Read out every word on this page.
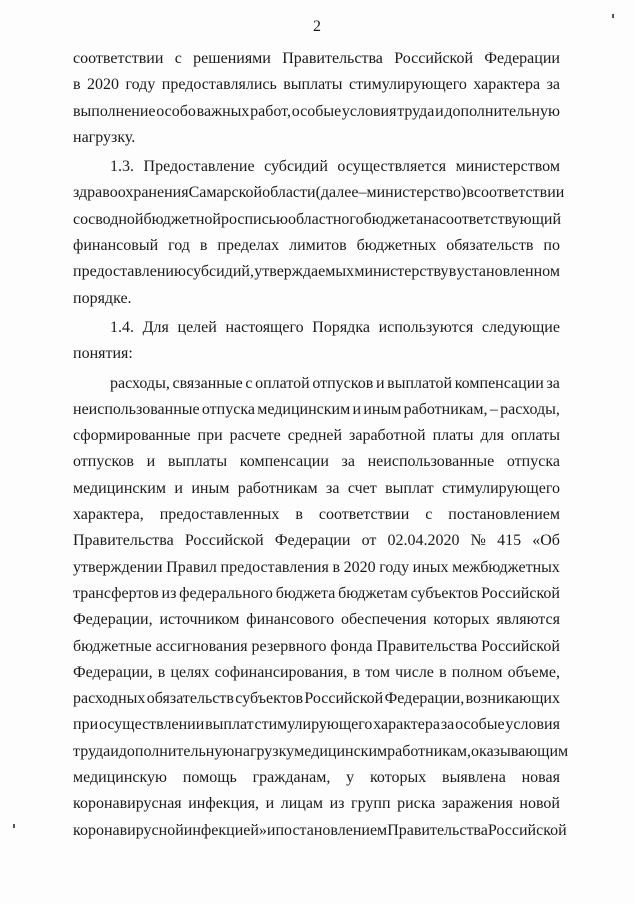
2
соответствии с решениями Правительства Российской Федерации
в 2020 году предоставлялись выплаты стимулирующего характера за
выполнение особо важных работ, особые условия труда и дополнительную
нагрузку.
1.3. Предоставление субсидий осуществляется министерством
здравоохранения Самарской области (далее – министерство) в соответствии
со сводной бюджетной росписью областного бюджета на соответствующий
финансовый год в пределах лимитов бюджетных обязательств по
предоставлению субсидий, утверждаемых министерству в установленном
порядке.
1.4. Для целей настоящего Порядка используются следующие
понятия:
расходы, связанные с оплатой отпусков и выплатой компенсации за
неиспользованные отпуска медицинским и иным работникам, – расходы,
сформированные при расчете средней заработной платы для оплаты
отпусков и выплаты компенсации за неиспользованные отпуска
медицинским и иным работникам за счет выплат стимулирующего
характера, предоставленных в соответствии с постановлением
Правительства Российской Федерации от 02.04.2020 № 415 «Об
утверждении Правил предоставления в 2020 году иных межбюджетных
трансфертов из федерального бюджета бюджетам субъектов Российской
Федерации, источником финансового обеспечения которых являются
бюджетные ассигнования резервного фонда Правительства Российской
Федерации, в целях софинансирования, в том числе в полном объеме,
расходных обязательств субъектов Российской Федерации, возникающих
при осуществлении выплат стимулирующего характера за особые условия
труда и дополнительную нагрузку медицинским работникам, оказывающим
медицинскую помощь гражданам, у которых выявлена новая
коронавирусная инфекция, и лицам из групп риска заражения новой
коронавирусной инфекцией» и постановлением Правительства Российской
